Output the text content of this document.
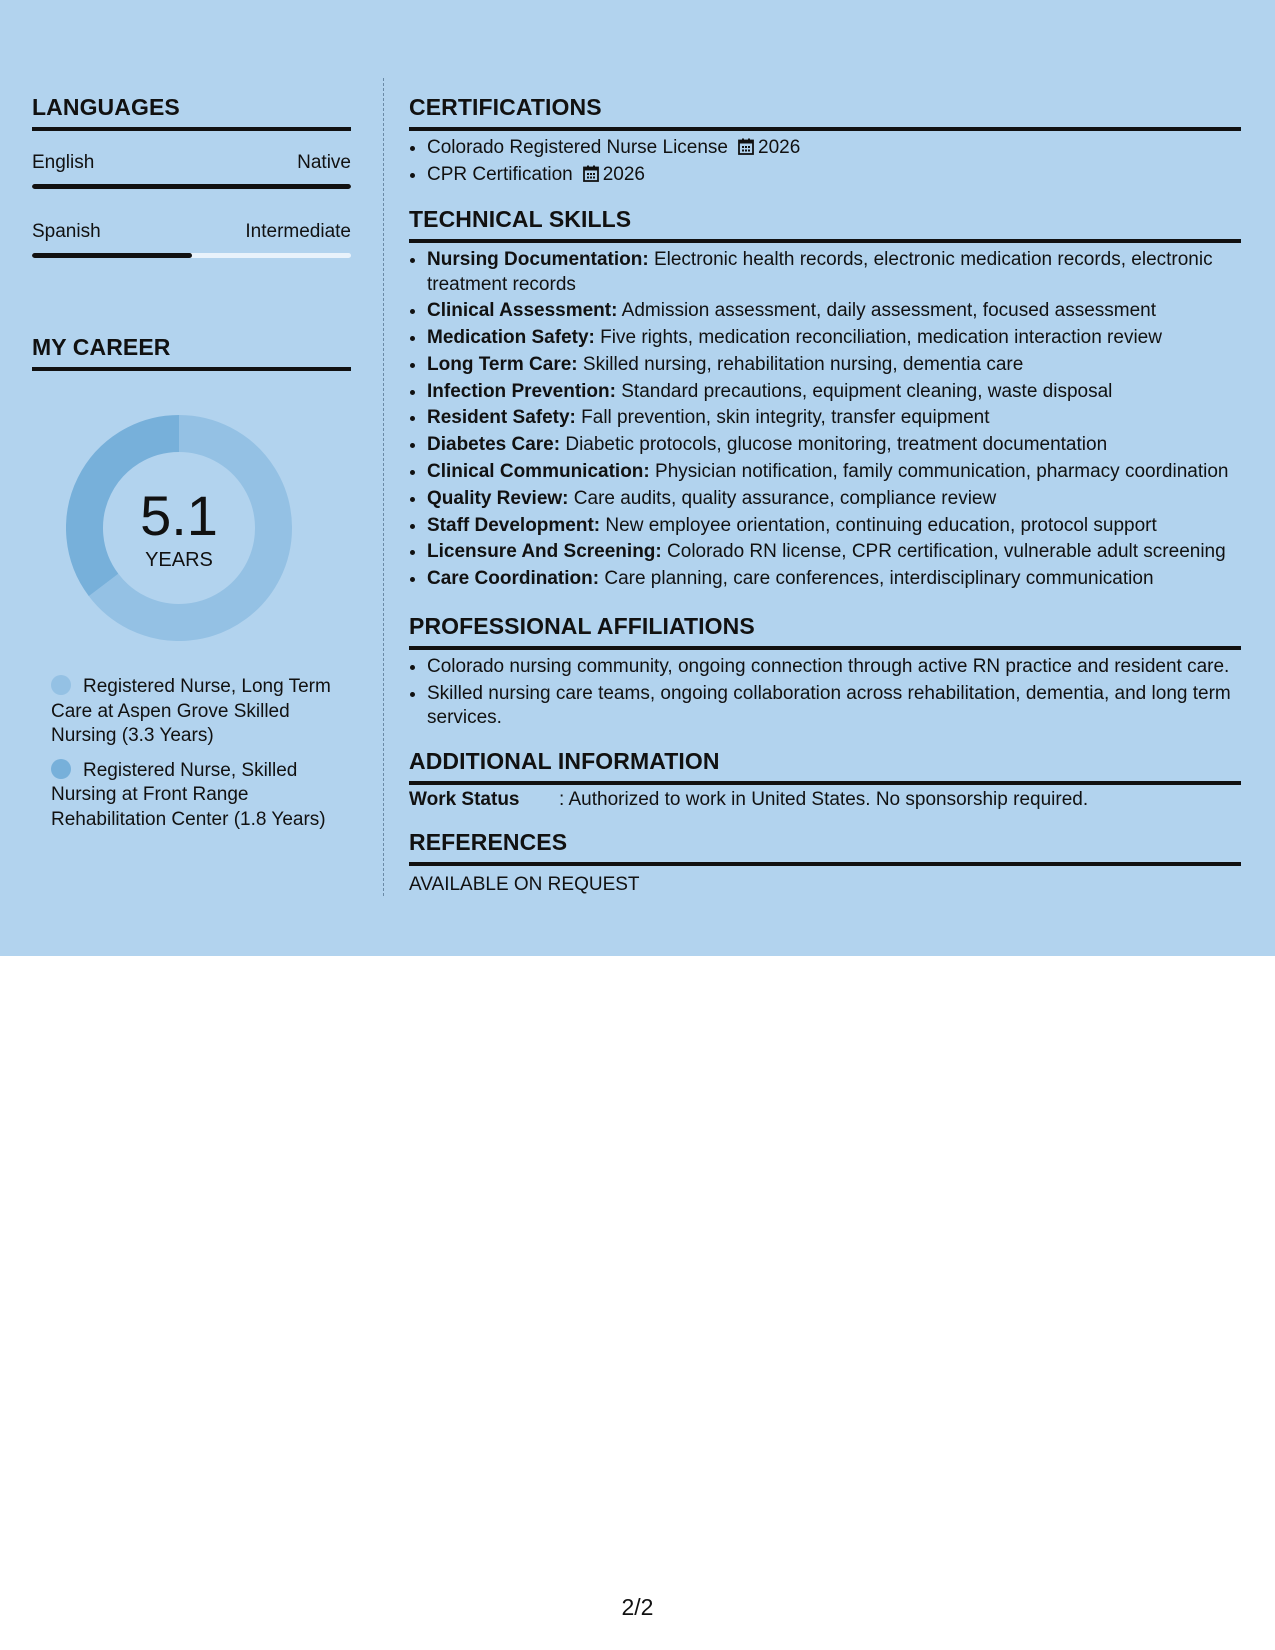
LANGUAGES
English	Native
Spanish	Intermediate
MY CAREER
5.1
YEARS
Registered Nurse, Long Term Care at Aspen Grove Skilled Nursing (3.3 Years)
Registered Nurse, Skilled Nursing at Front Range Rehabilitation Center (1.8 Years)
CERTIFICATIONS
• Colorado Registered Nurse License 2026
• CPR Certification 2026
TECHNICAL SKILLS
• Nursing Documentation: Electronic health records, electronic medication records, electronic treatment records
• Clinical Assessment: Admission assessment, daily assessment, focused assessment
• Medication Safety: Five rights, medication reconciliation, medication interaction review
• Long Term Care: Skilled nursing, rehabilitation nursing, dementia care
• Infection Prevention: Standard precautions, equipment cleaning, waste disposal
• Resident Safety: Fall prevention, skin integrity, transfer equipment
• Diabetes Care: Diabetic protocols, glucose monitoring, treatment documentation
• Clinical Communication: Physician notification, family communication, pharmacy coordination
• Quality Review: Care audits, quality assurance, compliance review
• Staff Development: New employee orientation, continuing education, protocol support
• Licensure And Screening: Colorado RN license, CPR certification, vulnerable adult screening
• Care Coordination: Care planning, care conferences, interdisciplinary communication
PROFESSIONAL AFFILIATIONS
• Colorado nursing community, ongoing connection through active RN practice and resident care.
• Skilled nursing care teams, ongoing collaboration across rehabilitation, dementia, and long term services.
ADDITIONAL INFORMATION
Work Status : Authorized to work in United States. No sponsorship required.
REFERENCES
AVAILABLE ON REQUEST
2/2
